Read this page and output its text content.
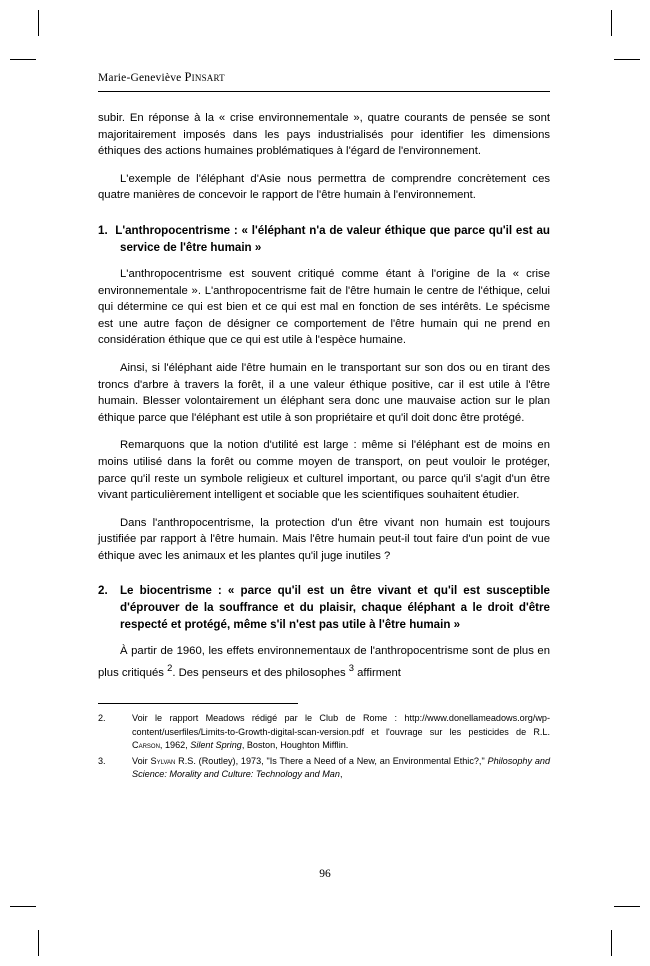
Marie-Geneviève Pinsart

subir. En réponse à la « crise environnementale », quatre courants de pensée se sont majoritairement imposés dans les pays industrialisés pour identifier les dimensions éthiques des actions humaines problématiques à l'égard de l'environnement.

L'exemple de l'éléphant d'Asie nous permettra de comprendre concrètement ces quatre manières de concevoir le rapport de l'être humain à l'environnement.

1. L'anthropocentrisme : « l'éléphant n'a de valeur éthique que parce qu'il est au service de l'être humain »

L'anthropocentrisme est souvent critiqué comme étant à l'origine de la « crise environnementale ». L'anthropocentrisme fait de l'être humain le centre de l'éthique, celui qui détermine ce qui est bien et ce qui est mal en fonction de ses intérêts. Le spécisme est une autre façon de désigner ce comportement de l'être humain qui ne prend en considération éthique que ce qui est utile à l'espèce humaine.

Ainsi, si l'éléphant aide l'être humain en le transportant sur son dos ou en tirant des troncs d'arbre à travers la forêt, il a une valeur éthique positive, car il est utile à l'être humain. Blesser volontairement un éléphant sera donc une mauvaise action sur le plan éthique parce que l'éléphant est utile à son propriétaire et qu'il doit donc être protégé.

Remarquons que la notion d'utilité est large : même si l'éléphant est de moins en moins utilisé dans la forêt ou comme moyen de transport, on peut vouloir le protéger, parce qu'il reste un symbole religieux et culturel important, ou parce qu'il s'agit d'un être vivant particulièrement intelligent et sociable que les scientifiques souhaitent étudier.

Dans l'anthropocentrisme, la protection d'un être vivant non humain est toujours justifiée par rapport à l'être humain. Mais l'être humain peut-il tout faire d'un point de vue éthique avec les animaux et les plantes qu'il juge inutiles ?

2. Le biocentrisme : « parce qu'il est un être vivant et qu'il est susceptible d'éprouver de la souffrance et du plaisir, chaque éléphant a le droit d'être respecté et protégé, même s'il n'est pas utile à l'être humain »

À partir de 1960, les effets environnementaux de l'anthropocentrisme sont de plus en plus critiqués $^2$. Des penseurs et des philosophes $^3$ affirment

2.	Voir le rapport Meadows rédigé par le Club de Rome : http://www.donellameadows.org/wp-content/userfiles/Limits-to-Growth-digital-scan-version.pdf et l'ouvrage sur les pesticides de R.L. Carson, 1962, Silent Spring, Boston, Houghton Mifflin.
3.	Voir Sylvan R.S. (Routley), 1973, "Is There a Need of a New, an Environmental Ethic?," Philosophy and Science: Morality and Culture: Technology and Man,
96
